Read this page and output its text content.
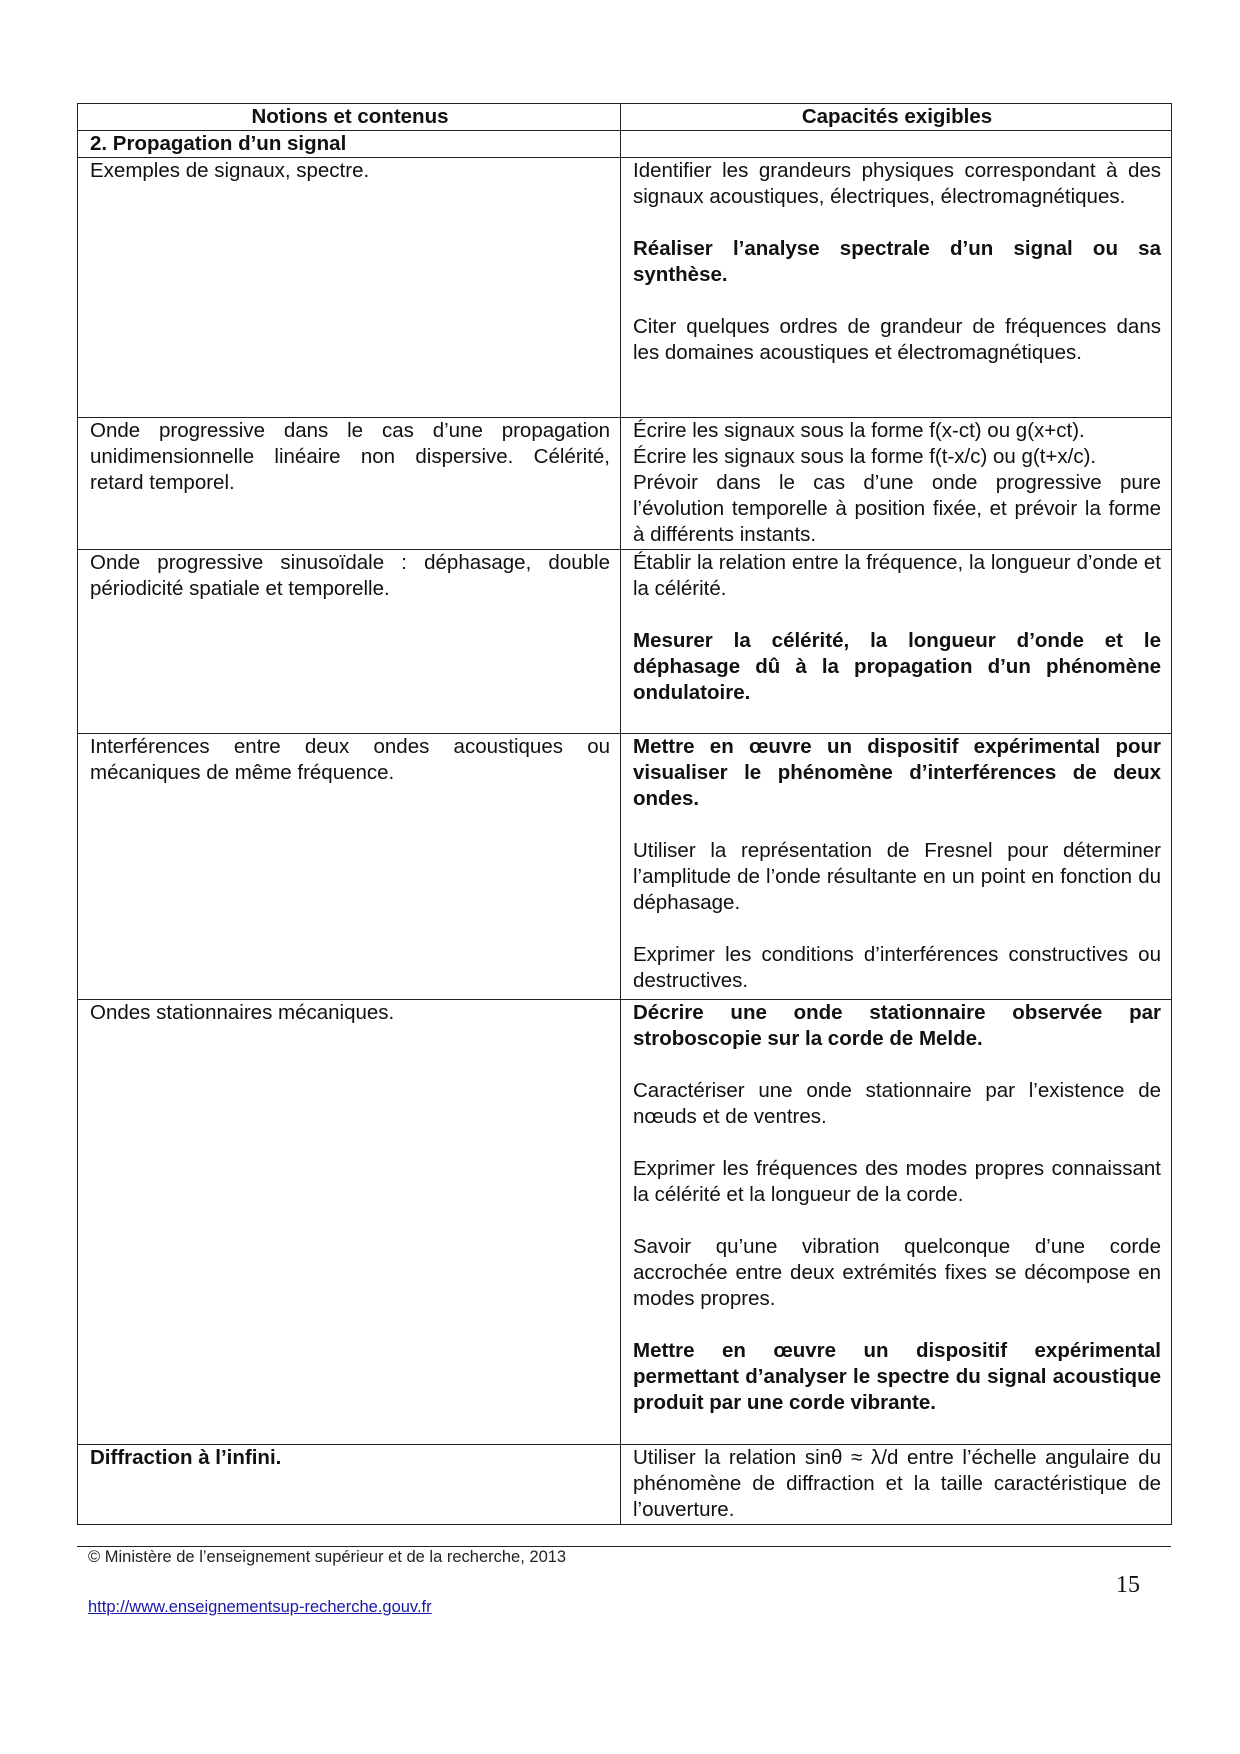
Notions et contenus	Capacités exigibles
2. Propagation d’un signal	
Exemples de signaux, spectre.	Identifier les grandeurs physiques correspondant à des signaux acoustiques, électriques, électromagnétiques.

Réaliser l’analyse spectrale d’un signal ou sa synthèse.

Citer quelques ordres de grandeur de fréquences dans les domaines acoustiques et électromagnétiques.

Onde progressive dans le cas d’une propagation unidimensionnelle linéaire non dispersive. Célérité, retard temporel.	Écrire les signaux sous la forme f(x-ct) ou g(x+ct).

Écrire les signaux sous la forme f(t-x/c) ou g(t+x/c).

Prévoir dans le cas d’une onde progressive pure l’évolution temporelle à position fixée, et prévoir la forme à différents instants.

Onde progressive sinusoïdale : déphasage, double périodicité spatiale et temporelle.	Établir la relation entre la fréquence, la longueur d’onde et la célérité.

Mesurer la célérité, la longueur d’onde et le déphasage dû à la propagation d’un phénomène ondulatoire.

Interférences entre deux ondes acoustiques ou mécaniques de même fréquence.	Mettre en œuvre un dispositif expérimental pour visualiser le phénomène d’interférences de deux ondes.

Utiliser la représentation de Fresnel pour déterminer l’amplitude de l’onde résultante en un point en fonction du déphasage.

Exprimer les conditions d’interférences constructives ou destructives.

Ondes stationnaires mécaniques.	Décrire une onde stationnaire observée par stroboscopie sur la corde de Melde.

Caractériser une onde stationnaire par l’existence de nœuds et de ventres.

Exprimer les fréquences des modes propres connaissant la célérité et la longueur de la corde.

Savoir qu’une vibration quelconque d’une corde accrochée entre deux extrémités fixes se décompose en modes propres.

Mettre en œuvre un dispositif expérimental permettant d’analyser le spectre du signal acoustique produit par une corde vibrante.

Diffraction à l’infini.	Utiliser la relation sinθ ≈ λ/d entre l’échelle angulaire du phénomène de diffraction et la taille caractéristique de l’ouverture.

© Ministère de l’enseignement supérieur et de la recherche, 2013
15
http://www.enseignementsup-recherche.gouv.fr
